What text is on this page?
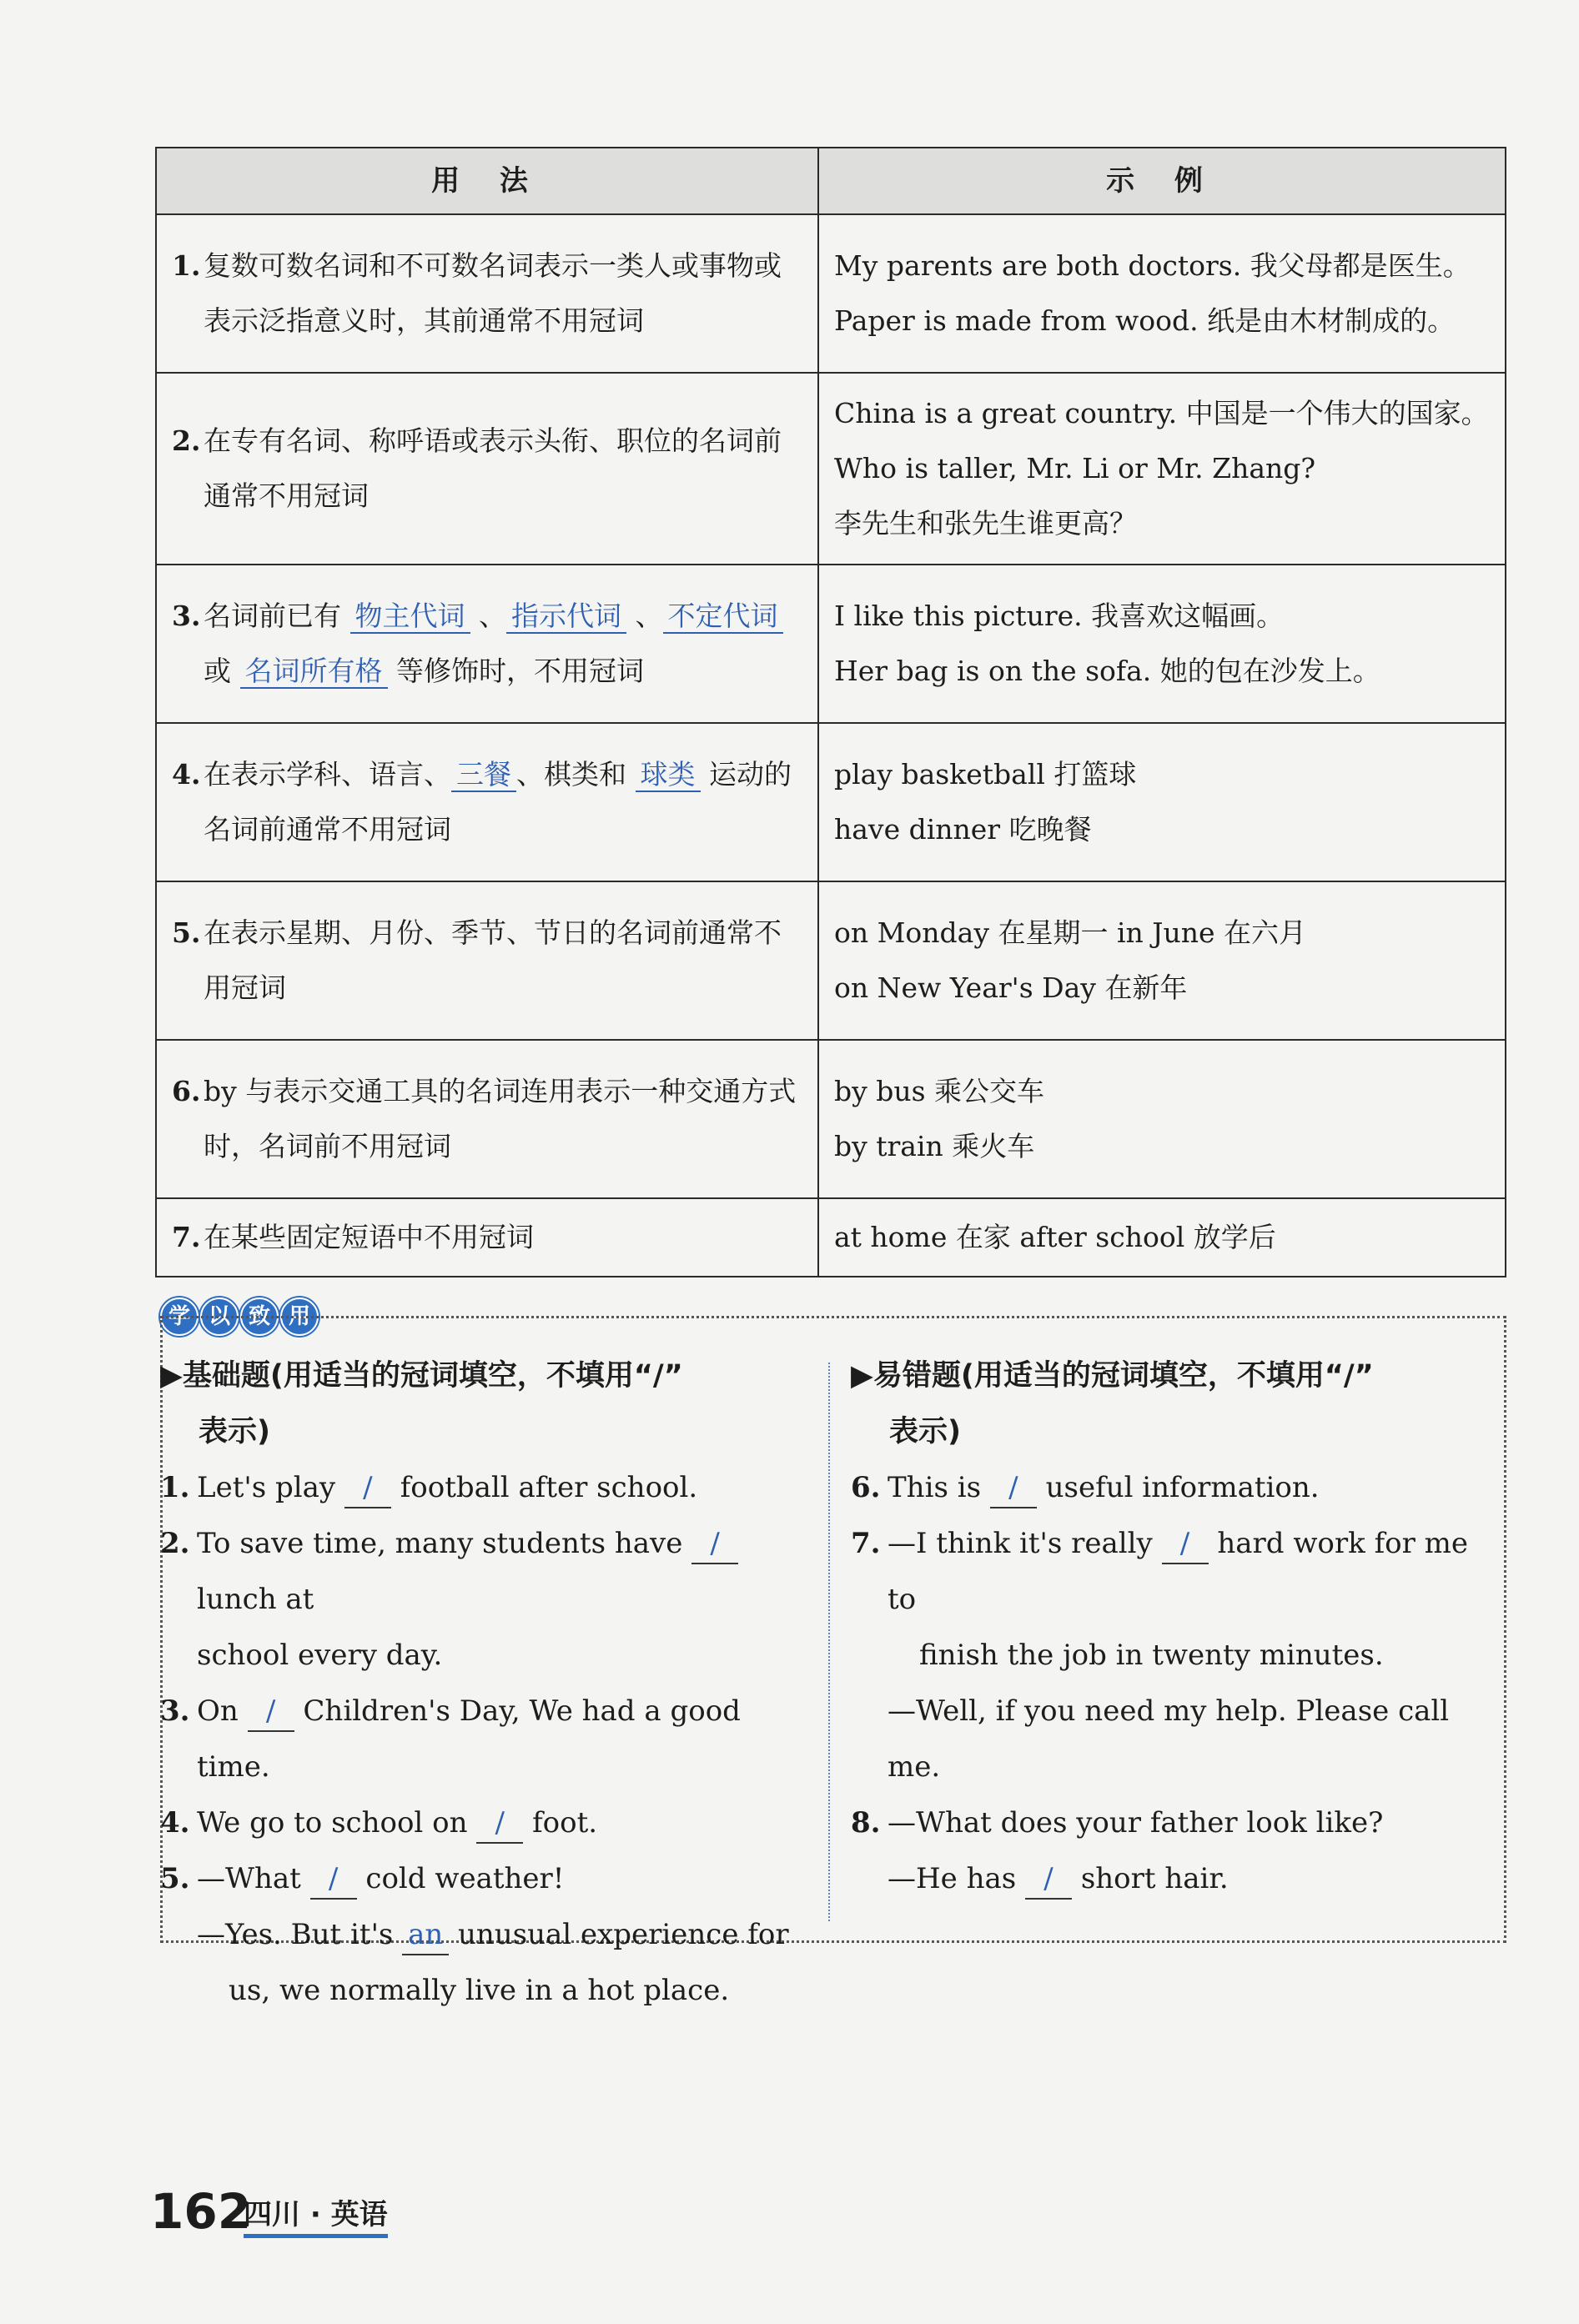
用 法	示 例

1. 复数可数名词和不可数名词表示一类人或事物或表示泛指意义时，其前通常不用冠词	My parents are both doctors. 我父母都是医生。
Paper is made from wood. 纸是由木材制成的。

2. 在专有名词、称呼语或表示头衔、职位的名词前通常不用冠词	China is a great country. 中国是一个伟大的国家。
Who is taller, Mr. Li or Mr. Zhang?
李先生和张先生谁更高？

3. 名词前已有 物主代词 、 指示代词 、 不定代词 或 名词所有格 等修饰时，不用冠词	I like this picture. 我喜欢这幅画。
Her bag is on the sofa. 她的包在沙发上。

4. 在表示学科、语言、 三餐 、棋类和 球类 运动的名词前通常不用冠词	play basketball 打篮球
have dinner 吃晚餐

5. 在表示星期、月份、季节、节日的名词前通常不用冠词	on Monday 在星期一 in June 在六月
on New Year's Day 在新年

6. by 与表示交通工具的名词连用表示一种交通方式时，名词前不用冠词	by bus 乘公交车
by train 乘火车

7. 在某些固定短语中不用冠词	at home 在家 after school 放学后
学 以 致 用
▶基础题(用适当的冠词填空，不填用“/”
表示)
1. Let's play / football after school.
2. To save time, many students have / lunch at
school every day.
3. On / Children's Day, We had a good time.
4. We go to school on / foot.
5. —What / cold weather!
—Yes. But it's an unusual experience for
us, we normally live in a hot place.
▶易错题(用适当的冠词填空，不填用“/”
表示)
6. This is / useful information.
7. —I think it's really / hard work for me to
finish the job in twenty minutes.
—Well, if you need my help. Please call me.
8. —What does your father look like?
—He has / short hair.
162
四川 · 英语
